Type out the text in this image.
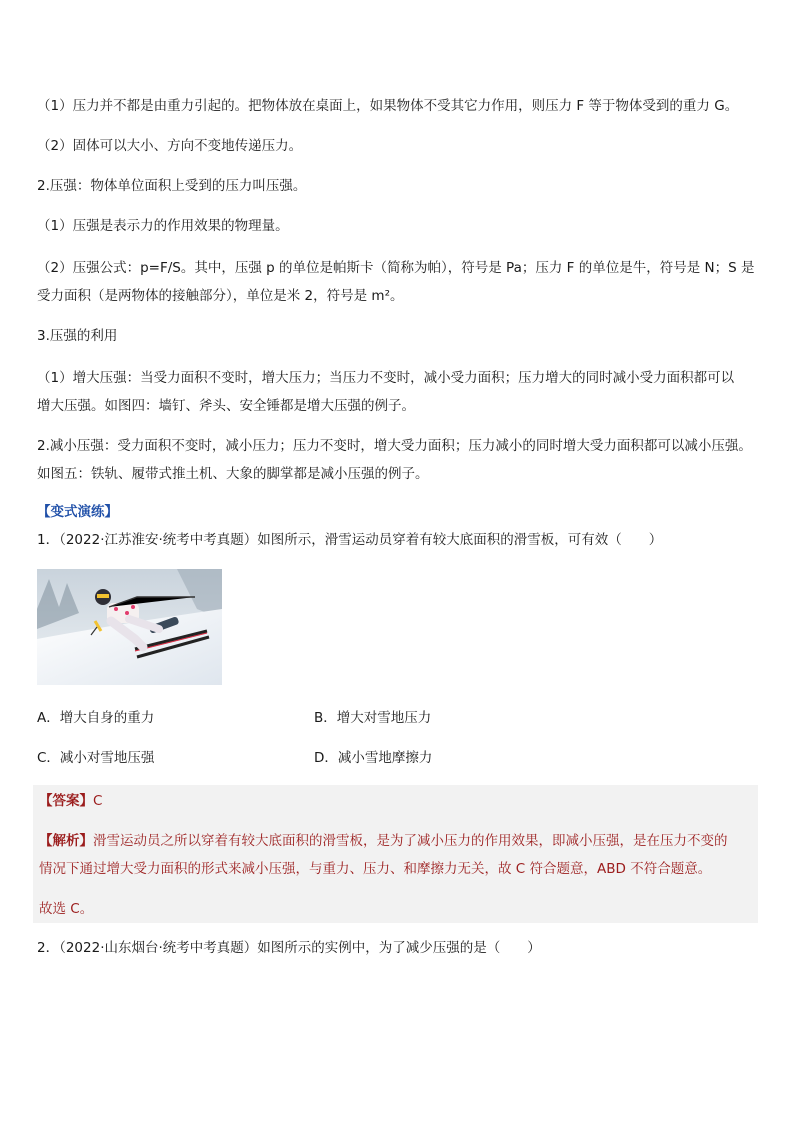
（1）压力并不都是由重力引起的。把物体放在桌面上，如果物体不受其它力作用，则压力 F 等于物体受到的重力 G。
（2）固体可以大小、方向不变地传递压力。
2.压强：物体单位面积上受到的压力叫压强。
（1）压强是表示力的作用效果的物理量。
（2）压强公式：p=F/S。其中，压强 p 的单位是帕斯卡（简称为帕），符号是 Pa；压力 F 的单位是牛，符号是 N；S 是
受力面积（是两物体的接触部分），单位是米 2，符号是 m²。
3.压强的利用
（1）增大压强：当受力面积不变时，增大压力；当压力不变时，减小受力面积；压力增大的同时减小受力面积都可以
增大压强。如图四：墙钉、斧头、安全锤都是增大压强的例子。
2.减小压强：受力面积不变时，减小压力；压力不变时，增大受力面积；压力减小的同时增大受力面积都可以减小压强。
如图五：铁轨、履带式推土机、大象的脚掌都是减小压强的例子。
【变式演练】
1．（2022·江苏淮安·统考中考真题）如图所示，滑雪运动员穿着有较大底面积的滑雪板，可有效（　　）
A．增大自身的重力	B．增大对雪地压力
C．减小对雪地压强	D．减小雪地摩擦力
【答案】C
【解析】滑雪运动员之所以穿着有较大底面积的滑雪板，是为了减小压力的作用效果，即减小压强，是在压力不变的
情况下通过增大受力面积的形式来减小压强，与重力、压力、和摩擦力无关，故 C 符合题意，ABD 不符合题意。
故选 C。
2．（2022·山东烟台·统考中考真题）如图所示的实例中，为了减少压强的是（　　）
